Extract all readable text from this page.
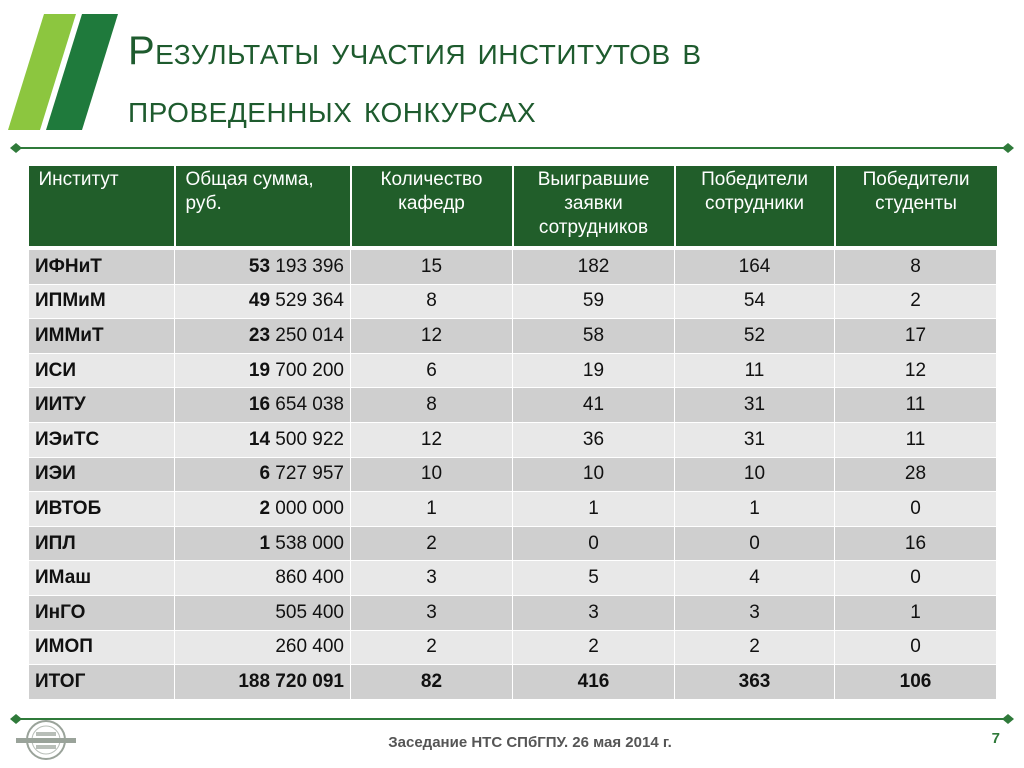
Результаты участия институтов в
проведенных конкурсах
Институт	Общая сумма, руб.	Количество кафедр	Выигравшие заявки сотрудников	Победители сотрудники	Победители студенты
ИФНиТ	53 193 396	15	182	164	8
ИПМиМ	49 529 364	8	59	54	2
ИММиТ	23 250 014	12	58	52	17
ИСИ	19 700 200	6	19	11	12
ИИТУ	16 654 038	8	41	31	11
ИЭиТС	14 500 922	12	36	31	11
ИЭИ	6 727 957	10	10	10	28
ИВТОБ	2 000 000	1	1	1	0
ИПЛ	1 538 000	2	0	0	16
ИМаш	860 400	3	5	4	0
ИнГО	505 400	3	3	3	1
ИМОП	260 400	2	2	2	0
ИТОГ	188 720 091	82	416	363	106
Заседание НТС СПбГПУ. 26 мая 2014 г.	7
